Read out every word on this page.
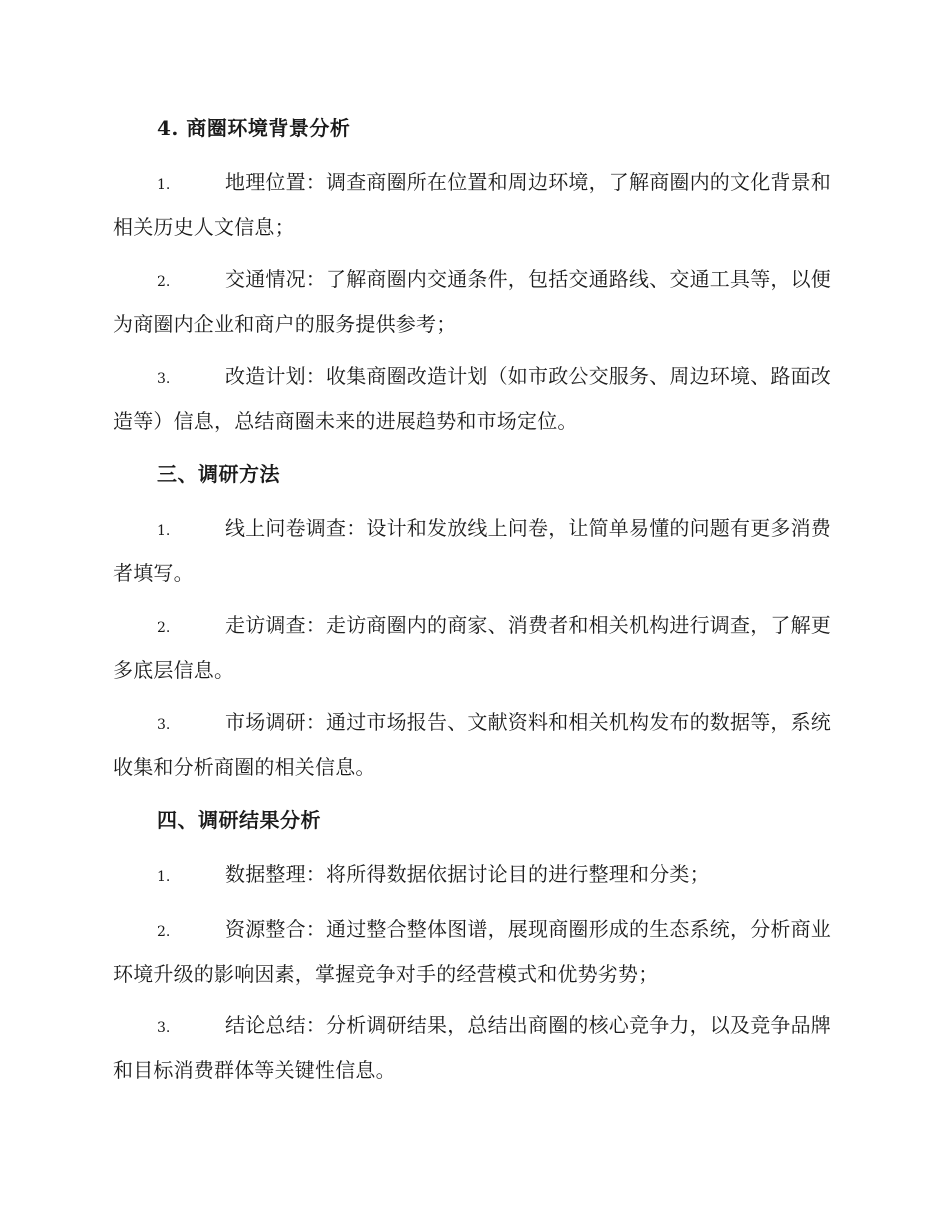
4. 商圈环境背景分析
1.	地理位置：调查商圈所在位置和周边环境，了解商圈内的文化背景和相关历史人文信息；
2.	交通情况：了解商圈内交通条件，包括交通路线、交通工具等，以便为商圈内企业和商户的服务提供参考；
3.	改造计划：收集商圈改造计划（如市政公交服务、周边环境、路面改造等）信息，总结商圈未来的进展趋势和市场定位。
三、调研方法
1.	线上问卷调查：设计和发放线上问卷，让简单易懂的问题有更多消费者填写。
2.	走访调查：走访商圈内的商家、消费者和相关机构进行调查，了解更多底层信息。
3.	市场调研：通过市场报告、文献资料和相关机构发布的数据等，系统收集和分析商圈的相关信息。
四、调研结果分析
1.	数据整理：将所得数据依据讨论目的进行整理和分类；
2.	资源整合：通过整合整体图谱，展现商圈形成的生态系统，分析商业环境升级的影响因素，掌握竞争对手的经营模式和优势劣势；
3.	结论总结：分析调研结果，总结出商圈的核心竞争力，以及竞争品牌和目标消费群体等关键性信息。
